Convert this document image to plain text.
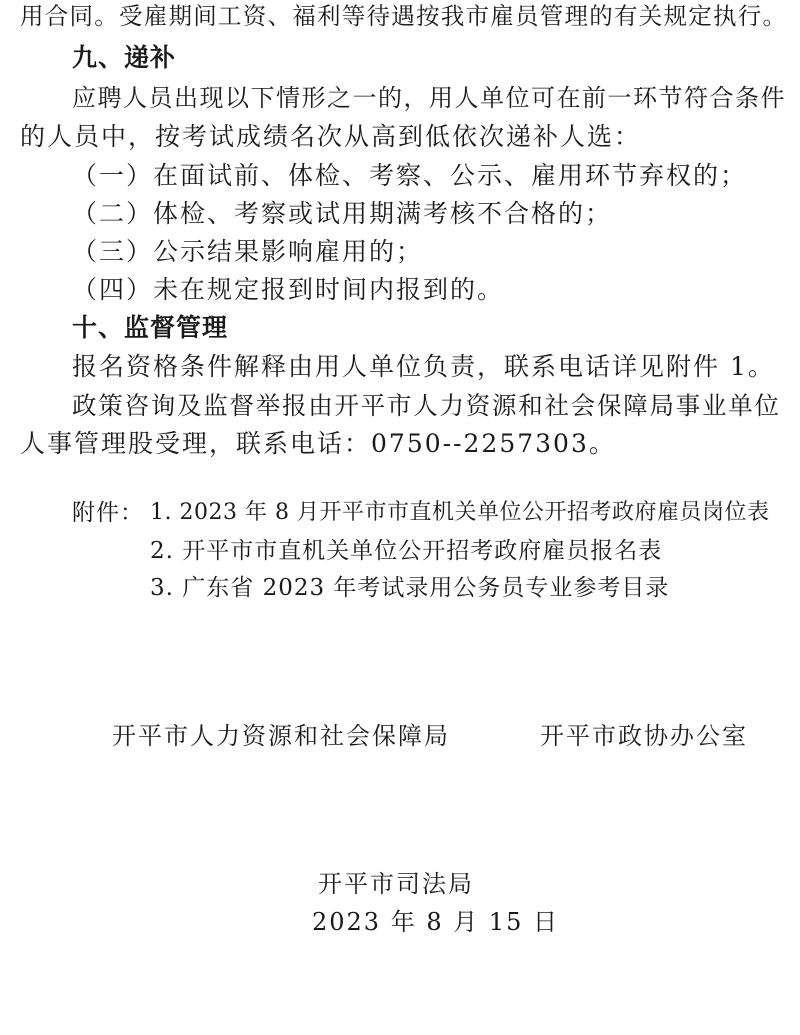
用合同。受雇期间工资、福利等待遇按我市雇员管理的有关规定执行。
九、递补
应聘人员出现以下情形之一的，用人单位可在前一环节符合条件
的人员中，按考试成绩名次从高到低依次递补人选：
（一）在面试前、体检、考察、公示、雇用环节弃权的；
（二）体检、考察或试用期满考核不合格的；
（三）公示结果影响雇用的；
（四）未在规定报到时间内报到的。
十、监督管理
报名资格条件解释由用人单位负责，联系电话详见附件 1。
政策咨询及监督举报由开平市人力资源和社会保障局事业单位
人事管理股受理，联系电话：0750--2257303。
附件： 1. 2023 年 8 月开平市市直机关单位公开招考政府雇员岗位表
2. 开平市市直机关单位公开招考政府雇员报名表
3. 广东省 2023 年考试录用公务员专业参考目录
开平市人力资源和社会保障局	开平市政协办公室
开平市司法局
2023 年 8 月 15 日
